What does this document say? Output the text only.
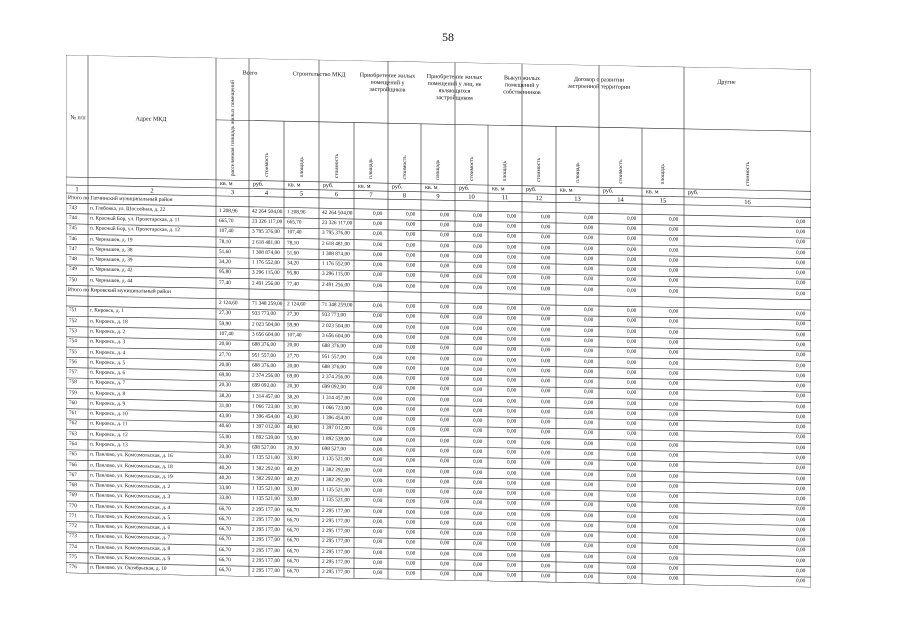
58
№ п/п	Адрес МКД
Всего	Строительство МКД	Приобретение жилых помещений у застройщиков
Приобретение жилых помещений у лиц, не являющихся застройщиком
Выкуп жилых помещений у собственников
Договор о развитии застроенной территории
Другие
расселяемая площадь жилых помещений	стоимость	площадь	стоимость	площадь	стоимость	площадь	стоимость	площадь	стоимость	площадь	стоимость	площадь	стоимость
кв. м	руб.	кв. м	руб.	кв. м	руб.	кв. м	руб.	кв. м	руб.	кв. м	руб.	кв. м	руб.
1	2	3	4	5	6	7	8	9	10	11	12	13	14	15	16
Итого по Гатчинский муниципальный район
743 п. Глебовка, ул. Шоссейная, д. 22	1 208,96	42 264 504,00 1 208,96	42 264 504,00	0,00	0,00	0,00	0,00	0,00	0,00	0,00	0,00	0,00	0,00
744 п. Красный Бор, ул. Пролетарская, д. 11	665,70	23 326 117,00 665,70	23 326 117,00	0,00	0,00	0,00	0,00	0,00	0,00	0,00	0,00	0,00	0,00
745 п. Красный Бор, ул. Пролетарская, д. 12	107,40	3 795 376,00 107,40	3 795 376,00	0,00	0,00	0,00	0,00	0,00	0,00	0,00	0,00	0,00	0,00
746 п. Чернышев, д. 19	78,10	2 618 481,00 78,10	2 618 481,00	0,00	0,00	0,00	0,00	0,00	0,00	0,00	0,00	0,00	0,00
747 п. Чернышев, д. 38	51,60	1 308 874,00 51,60	1 308 874,00	0,00	0,00	0,00	0,00	0,00	0,00	0,00	0,00	0,00	0,00
748 п. Чернышев, д. 39	34,20	1 176 552,00 34,20	1 176 552,00	0,00	0,00	0,00	0,00	0,00	0,00	0,00	0,00	0,00	0,00
749 п. Чернышев, д. 42	95,80	3 296 115,00 95,80	3 296 115,00	0,00	0,00	0,00	0,00	0,00	0,00	0,00	0,00	0,00	0,00
750 п. Чернышев, д. 44	77,40	2 491 256,00 77,40	2 491 256,00	0,00	0,00	0,00	0,00	0,00	0,00	0,00	0,00	0,00	0,00
Итого по Кировский муниципальный район
2 124,60	71 348 259,00 2 124,60	71 348 259,00	0,00	0,00	0,00	0,00	0,00	0,00	0,00	0,00	0,00	0,00
751 г. Кировск, д. 1	27,30	933 773,00 27,30	933 773,00	0,00	0,00	0,00	0,00	0,00	0,00	0,00	0,00	0,00	0,00
752 п. Кировск, д. 18	59,90	2 023 504,00 59,90	2 023 504,00	0,00	0,00	0,00	0,00	0,00	0,00	0,00	0,00	0,00	0,00
753 п. Кировск, д. 2	107,40	3 656 604,00 107,40	3 656 604,00	0,00	0,00	0,00	0,00	0,00	0,00	0,00	0,00	0,00	0,00
754 п. Кировск, д. 3	20,00	688 376,00 20,00	688 376,00	0,00	0,00	0,00	0,00	0,00	0,00	0,00	0,00	0,00	0,00
755 п. Кировск, д. 4	27,70	951 557,00 27,70	951 557,00	0,00	0,00	0,00	0,00	0,00	0,00	0,00	0,00	0,00	0,00
756 п. Кировск, д. 5	20,00	688 376,00 20,00	688 376,00	0,00	0,00	0,00	0,00	0,00	0,00	0,00	0,00	0,00	0,00
757 п. Кировск, д. 6	69,00	2 374 256,00 69,00	2 374 256,00	0,00	0,00	0,00	0,00	0,00	0,00	0,00	0,00	0,00	0,00
758 п. Кировск, д. 7	20,30	699 092,00 20,30	699 092,00	0,00	0,00	0,00	0,00	0,00	0,00	0,00	0,00	0,00	0,00
759 п. Кировск, д. 8	38,20	1 314 457,00 38,20	1 314 457,00	0,00	0,00	0,00	0,00	0,00	0,00	0,00	0,00	0,00	0,00
760 п. Кировск, д. 9	31,00	1 066 723,00 31,00	1 066 723,00	0,00	0,00	0,00	0,00	0,00	0,00	0,00	0,00	0,00	0,00
761 п. Кировск, д. 10	43,00	1 396 454,00 43,00	1 396 454,00	0,00	0,00	0,00	0,00	0,00	0,00	0,00	0,00	0,00	0,00
762 п. Кировск, д. 11	40,60	1 397 012,00 40,60	1 397 012,00	0,00	0,00	0,00	0,00	0,00	0,00	0,00	0,00	0,00	0,00
763 п. Кировск, д. 12	55,00	1 892 539,00 55,00	1 892 539,00	0,00	0,00	0,00	0,00	0,00	0,00	0,00	0,00	0,00	0,00
764 п. Кировск, д. 13	20,30	698 527,00 20,30	698 527,00	0,00	0,00	0,00	0,00	0,00	0,00	0,00	0,00	0,00	0,00
765 п. Павлово, ул. Комсомольская, д. 16	33,00	1 135 521,00 33,00	1 135 521,00	0,00	0,00	0,00	0,00	0,00	0,00	0,00	0,00	0,00	0,00
766 п. Павлово, ул. Комсомольская, д. 18	40,20	1 382 292,00 40,20	1 382 292,00	0,00	0,00	0,00	0,00	0,00	0,00	0,00	0,00	0,00	0,00
767 п. Павлово, ул. Комсомольская, д. 19	40,20	1 382 292,00 40,20	1 382 292,00	0,00	0,00	0,00	0,00	0,00	0,00	0,00	0,00	0,00	0,00
768 п. Павлово, ул. Комсомольская, д. 2	33,00	1 135 521,00 33,00	1 135 521,00	0,00	0,00	0,00	0,00	0,00	0,00	0,00	0,00	0,00	0,00
769 п. Павлово, ул. Комсомольская, д. 3	33,00	1 135 521,00 33,00	1 135 521,00	0,00	0,00	0,00	0,00	0,00	0,00	0,00	0,00	0,00	0,00
770 п. Павлово, ул. Комсомольская, д. 4	66,70	2 295 177,00 66,70	2 295 177,00	0,00	0,00	0,00	0,00	0,00	0,00	0,00	0,00	0,00	0,00
771 п. Павлово, ул. Комсомольская, д. 5	66,70	2 295 177,00 66,70	2 295 177,00	0,00	0,00	0,00	0,00	0,00	0,00	0,00	0,00	0,00	0,00
772 п. Павлово, ул. Комсомольская, д. 6	66,70	2 295 177,00 66,70	2 295 177,00	0,00	0,00	0,00	0,00	0,00	0,00	0,00	0,00	0,00	0,00
773 п. Павлово, ул. Комсомольская, д. 7	66,70	2 295 177,00 66,70	2 295 177,00	0,00	0,00	0,00	0,00	0,00	0,00	0,00	0,00	0,00	0,00
774 п. Павлово, ул. Комсомольская, д. 8	66,70	2 295 177,00 66,70	2 295 177,00	0,00	0,00	0,00	0,00	0,00	0,00	0,00	0,00	0,00	0,00
775 п. Павлово, ул. Комсомольская, д. 9	66,70	2 295 177,00 66,70	2 295 177,00	0,00	0,00	0,00	0,00	0,00	0,00	0,00	0,00	0,00	0,00
776 п. Павлово, ул. Октябрьская, д. 10	66,70	2 295 177,00 66,70	2 295 177,00	0,00	0,00	0,00	0,00	0,00	0,00	0,00	0,00	0,00	0,00
